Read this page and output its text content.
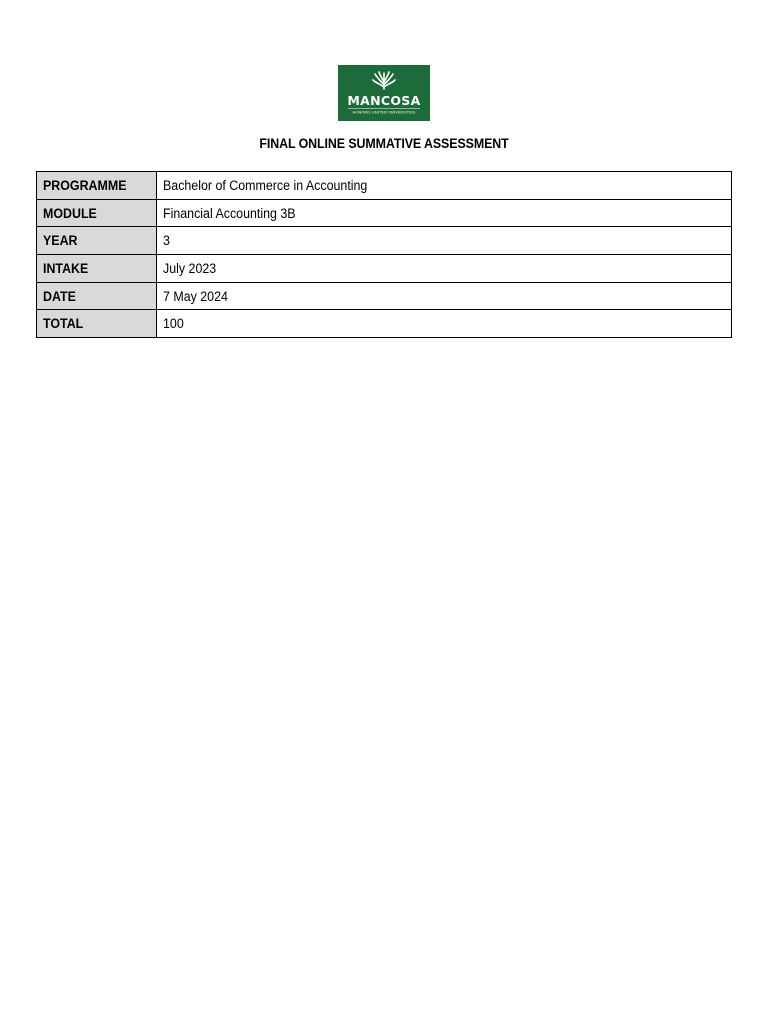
MANCOSA
HONORIS UNITED UNIVERSITIES
FINAL ONLINE SUMMATIVE ASSESSMENT
PROGRAMME	Bachelor of Commerce in Accounting
MODULE	Financial Accounting 3B
YEAR	3
INTAKE	July 2023
DATE	7 May 2024
TOTAL	100
